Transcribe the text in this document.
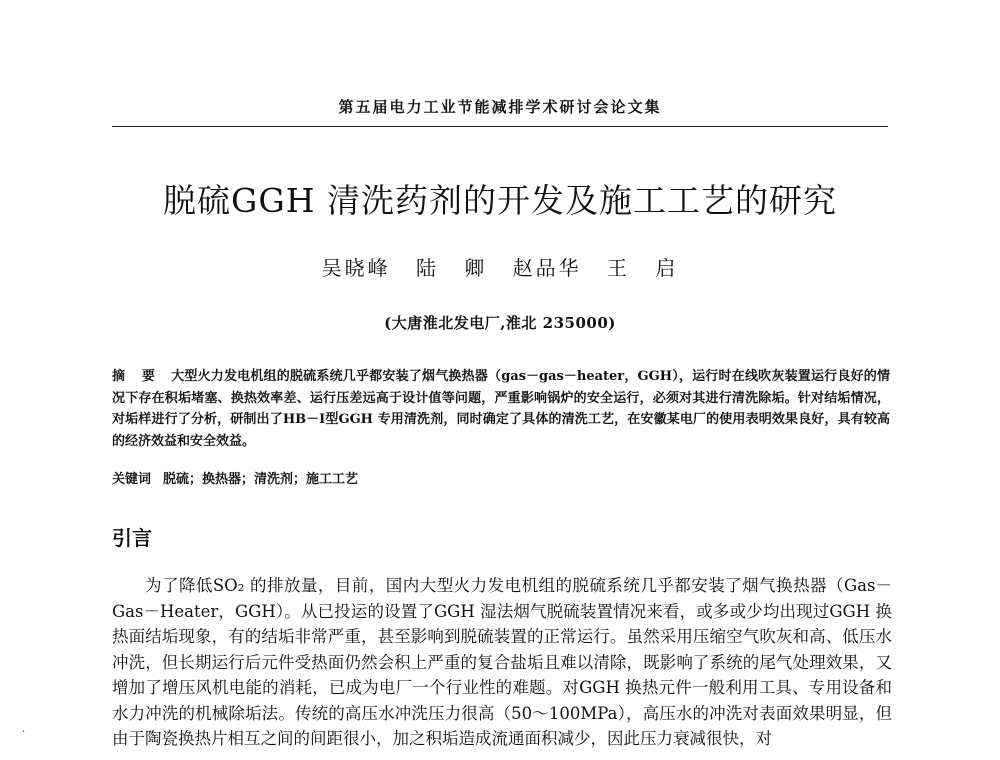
第五届电力工业节能减排学术研讨会论文集
脱硫GGH 清洗药剂的开发及施工工艺的研究
吴晓峰 陆 卿 赵品华 王 启
(大唐淮北发电厂,淮北 235000)
摘 要 大型火力发电机组的脱硫系统几乎都安装了烟气换热器（gas－gas－heater，GGH），运行时在线吹灰装置运行良好的情况下存在积垢堵塞、换热效率差、运行压差远高于设计值等问题，严重影响锅炉的安全运行，必须对其进行清洗除垢。针对结垢情况，对垢样进行了分析，研制出了HB－I型GGH 专用清洗剂，同时确定了具体的清洗工艺，在安徽某电厂的使用表明效果良好，具有较高的经济效益和安全效益。
关键词 脱硫；换热器；清洗剂；施工工艺
引言
为了降低SO₂ 的排放量，目前，国内大型火力发电机组的脱硫系统几乎都安装了烟气换热器（Gas－Gas－Heater，GGH）。从已投运的设置了GGH 湿法烟气脱硫装置情况来看，或多或少均出现过GGH 换热面结垢现象，有的结垢非常严重，甚至影响到脱硫装置的正常运行。虽然采用压缩空气吹灰和高、低压水冲洗，但长期运行后元件受热面仍然会积上严重的复合盐垢且难以清除，既影响了系统的尾气处理效果，又增加了增压风机电能的消耗，已成为电厂一个行业性的难题。对GGH 换热元件一般利用工具、专用设备和水力冲洗的机械除垢法。传统的高压水冲洗压力很高（50～100MPa），高压水的冲洗对表面效果明显，但由于陶瓷换热片相互之间的间距很小，加之积垢造成流通面积减少，因此压力衰减很快，对
·
